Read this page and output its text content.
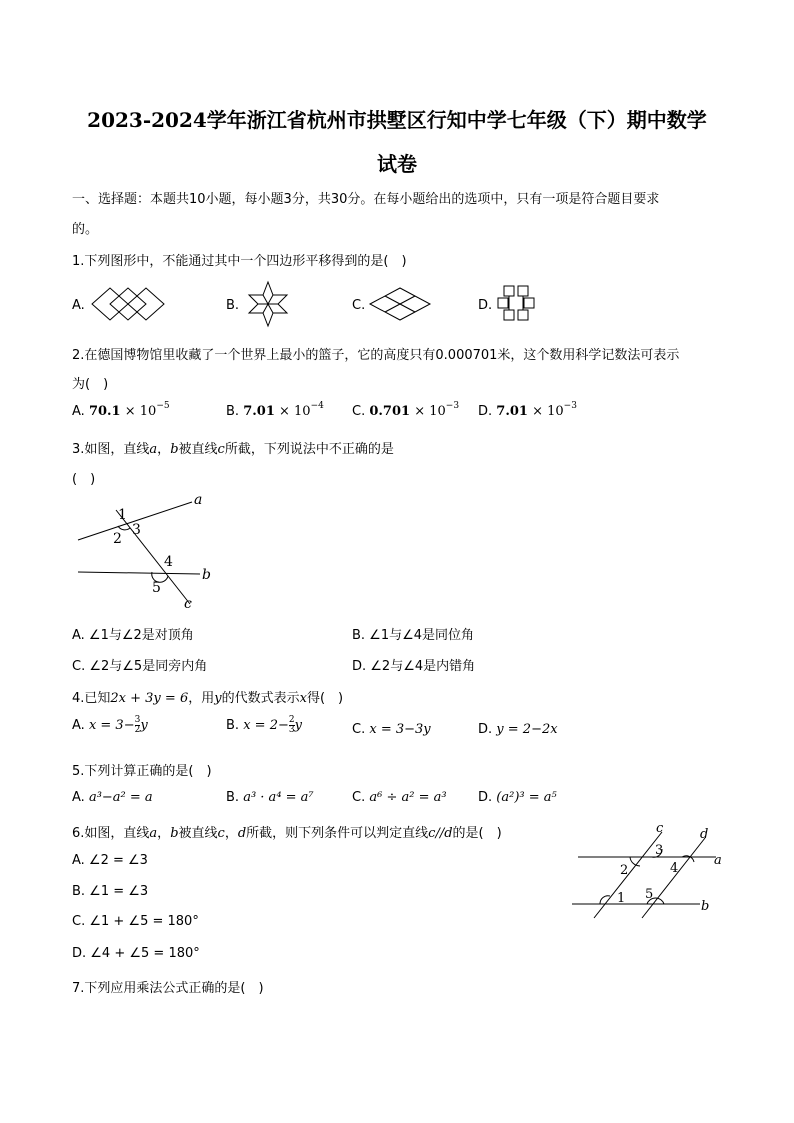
2023-2024学年浙江省杭州市拱墅区行知中学七年级（下）期中数学
试卷
一、选择题：本题共10小题，每小题3分，共30分。在每小题给出的选项中，只有一项是符合题目要求
的。
1.下列图形中，不能通过其中一个四边形平移得到的是(　)
A.	B.	C.	D.
2.在德国博物馆里收藏了一个世界上最小的篮子，它的高度只有0.000701米，这个数用科学记数法可表示
为(　)
A. $70.1 \times 10^{-5}$	B. $7.01 \times 10^{-4}$ C. $0.701 \times 10^{-3}$ D. $7.01 \times 10^{-3}$
3.如图，直线a，b被直线c所截，下列说法中不正确的是
(　)
1
2
3
4
5
a
b
c
A. ∠1与∠2是对顶角	B. ∠1与∠4是同位角
C. ∠2与∠5是同旁内角	D. ∠2与∠4是内错角
4.已知2x + 3y = 6，用y的代数式表示x得(　)
A. $x = 3- \frac{3}{2}$ y	B. $x = 2- \frac{2}{3}$ y	C. x = 3−3y	D. y = 2−2x
5.下列计算正确的是(　)
A. a³−a² = a	B. a³ · a⁴ = a⁷	C. a⁶ ÷ a² = a³ D. (a²)³ = a⁵
6.如图，直线a，b被直线c，d所截，则下列条件可以判定直线c//d的是(　)
A. ∠2 = ∠3
B. ∠1 = ∠3
C. ∠1 + ∠5 = 180°
D. ∠4 + ∠5 = 180°
2
3
4
1 5
c	d
a
b
7.下列应用乘法公式正确的是(　)
